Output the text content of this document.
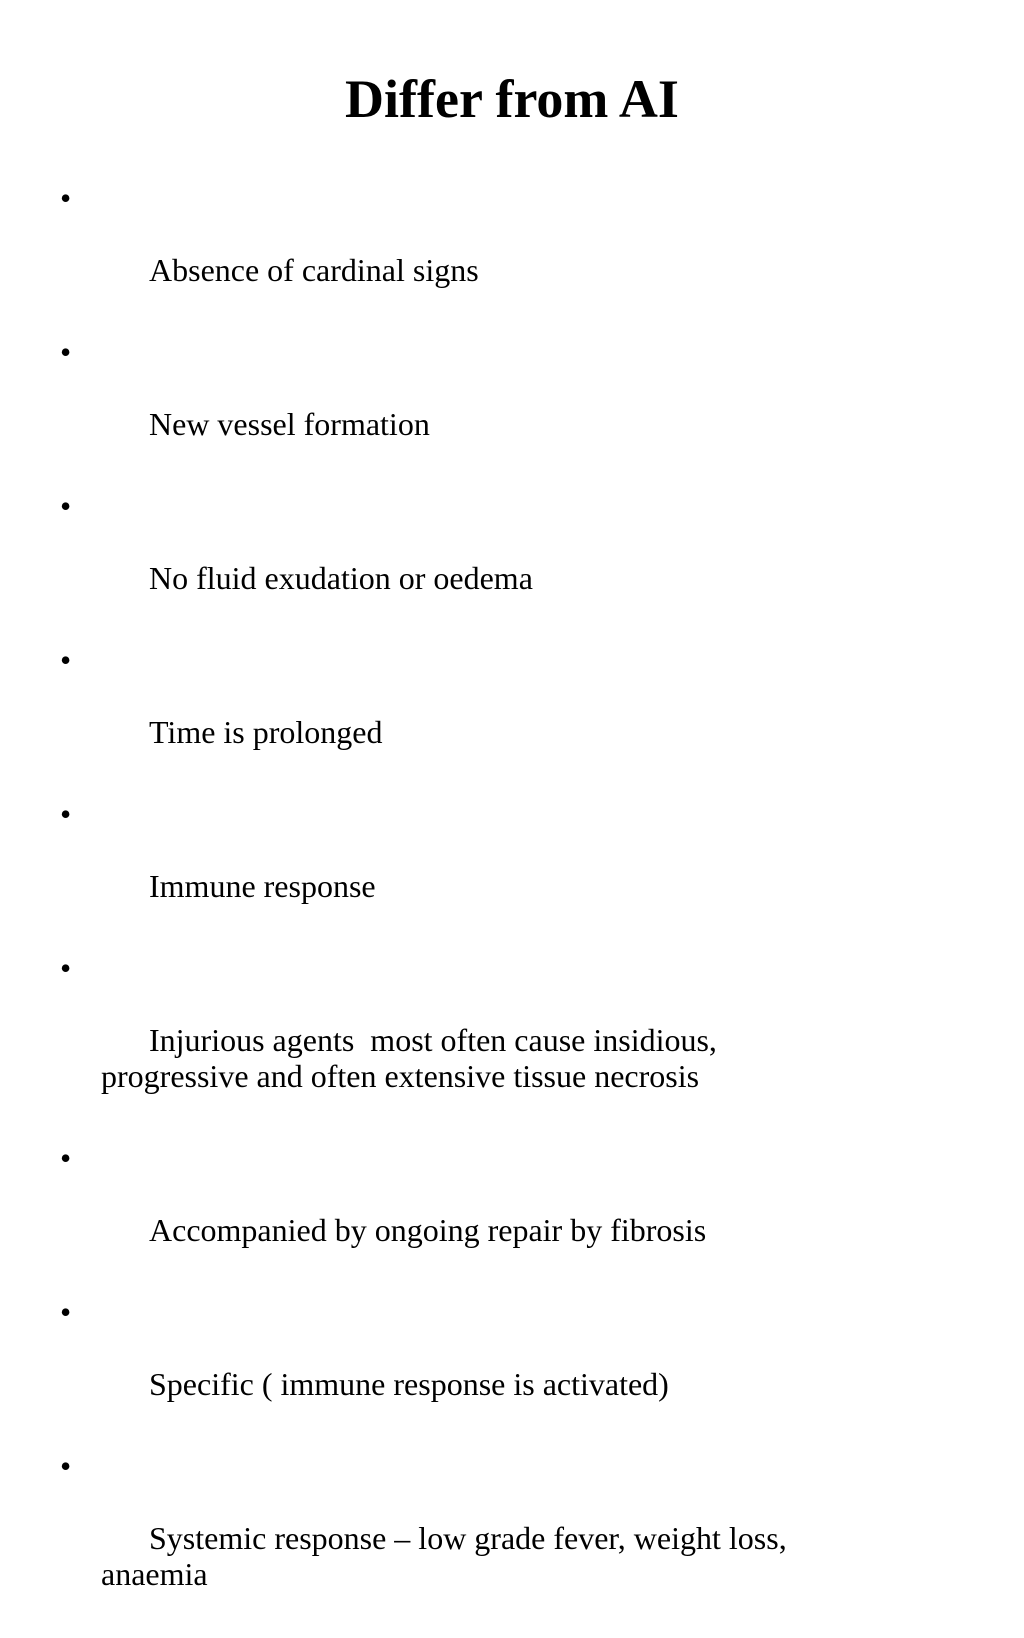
Differ from AI

•

Absence of cardinal signs

•

New vessel formation

•

No fluid exudation or oedema

•

Time is prolonged

•

Immune response

•

Injurious agents  most often cause insidious,
progressive and often extensive tissue necrosis

•

Accompanied by ongoing repair by fibrosis

•

Specific ( immune response is activated)

•

Systemic response – low grade fever, weight loss,
anaemia
